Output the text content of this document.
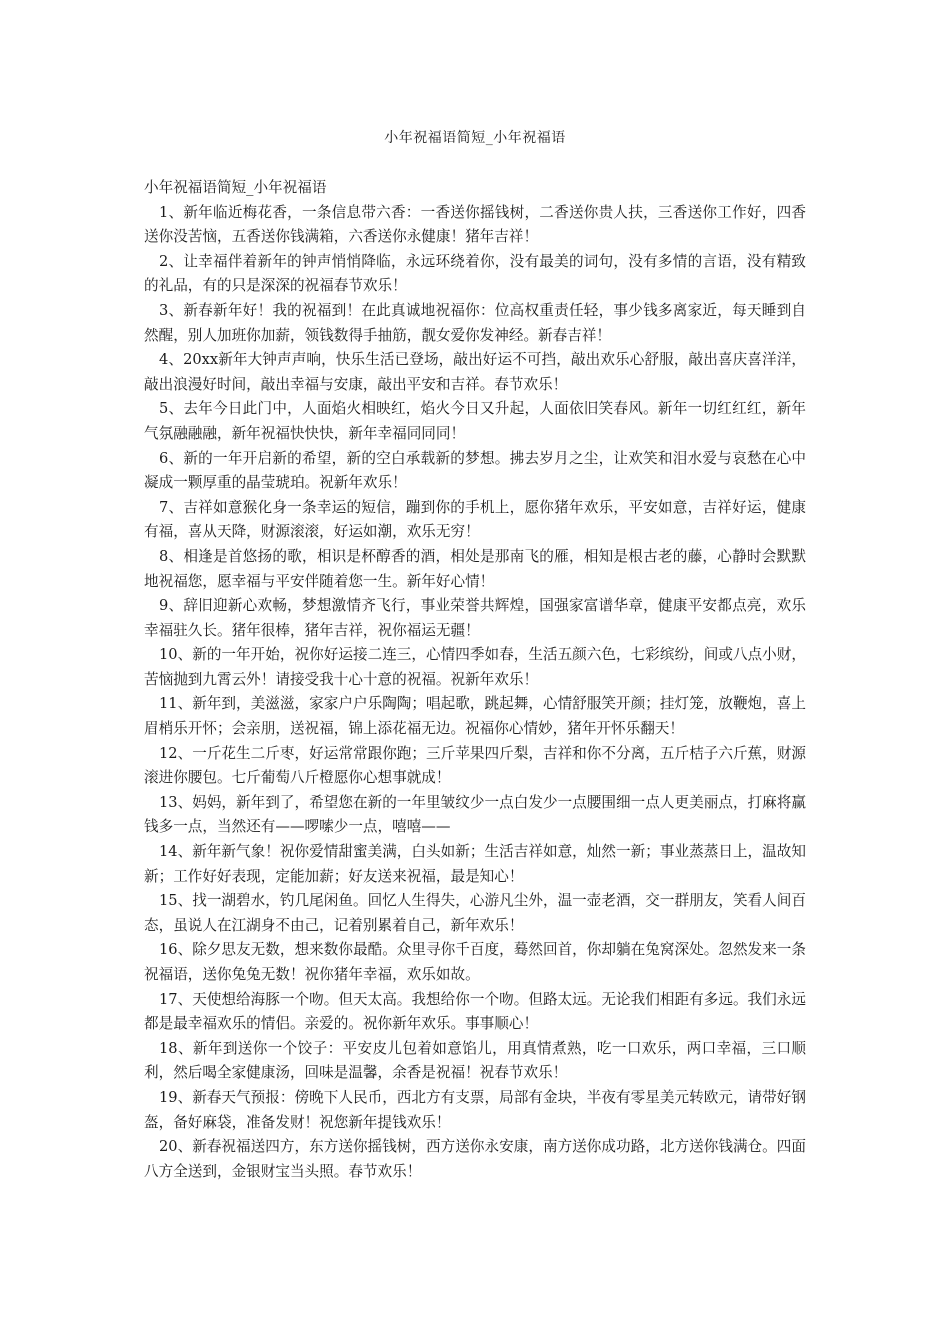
小年祝福语简短_小年祝福语

小年祝福语简短_小年祝福语

1、新年临近梅花香，一条信息带六香：一香送你摇钱树，二香送你贵人扶，三香送你工作好，四香送你没苦恼，五香送你钱满箱，六香送你永健康！猪年吉祥！

2、让幸福伴着新年的钟声悄悄降临，永远环绕着你，没有最美的词句，没有多情的言语，没有精致的礼品，有的只是深深的祝福春节欢乐！

3、新春新年好！我的祝福到！在此真诚地祝福你：位高权重责任轻，事少钱多离家近，每天睡到自然醒，别人加班你加薪，领钱数得手抽筋，靓女爱你发神经。新春吉祥！

4、20xx新年大钟声声响，快乐生活已登场，敲出好运不可挡，敲出欢乐心舒服，敲出喜庆喜洋洋，敲出浪漫好时间，敲出幸福与安康，敲出平安和吉祥。春节欢乐！

5、去年今日此门中，人面焰火相映红，焰火今日又升起，人面依旧笑春风。新年一切红红红，新年气氛融融融，新年祝福快快快，新年幸福同同同！

6、新的一年开启新的希望，新的空白承载新的梦想。拂去岁月之尘，让欢笑和泪水爱与哀愁在心中凝成一颗厚重的晶莹琥珀。祝新年欢乐！

7、吉祥如意猴化身一条幸运的短信，蹦到你的手机上，愿你猪年欢乐，平安如意，吉祥好运，健康有福，喜从天降，财源滚滚，好运如潮，欢乐无穷！

8、相逢是首悠扬的歌，相识是杯醇香的酒，相处是那南飞的雁，相知是根古老的藤，心静时会默默地祝福您，愿幸福与平安伴随着您一生。新年好心情！

9、辞旧迎新心欢畅，梦想激情齐飞行，事业荣誉共辉煌，国强家富谱华章，健康平安都点亮，欢乐幸福驻久长。猪年很棒，猪年吉祥，祝你福运无疆！

10、新的一年开始，祝你好运接二连三，心情四季如春，生活五颜六色，七彩缤纷，间或八点小财，苦恼抛到九霄云外！请接受我十心十意的祝福。祝新年欢乐！

11、新年到，美滋滋，家家户户乐陶陶；唱起歌，跳起舞，心情舒服笑开颜；挂灯笼，放鞭炮，喜上眉梢乐开怀；会亲朋，送祝福，锦上添花福无边。祝福你心情妙，猪年开怀乐翻天！

12、一斤花生二斤枣，好运常常跟你跑；三斤苹果四斤梨，吉祥和你不分离，五斤桔子六斤蕉，财源滚进你腰包。七斤葡萄八斤橙愿你心想事就成！

13、妈妈，新年到了，希望您在新的一年里皱纹少一点白发少一点腰围细一点人更美丽点，打麻将赢钱多一点，当然还有——啰嗦少一点，嘻嘻——

14、新年新气象！祝你爱情甜蜜美满，白头如新；生活吉祥如意，灿然一新；事业蒸蒸日上，温故知新；工作好好表现，定能加薪；好友送来祝福，最是知心！

15、找一湖碧水，钓几尾闲鱼。回忆人生得失，心游凡尘外，温一壶老酒，交一群朋友，笑看人间百态，虽说人在江湖身不由己，记着别累着自己，新年欢乐！

16、除夕思友无数，想来数你最酷。众里寻你千百度，蓦然回首，你却躺在兔窝深处。忽然发来一条祝福语，送你兔兔无数！祝你猪年幸福，欢乐如故。

17、天使想给海豚一个吻。但天太高。我想给你一个吻。但路太远。无论我们相距有多远。我们永远都是最幸福欢乐的情侣。亲爱的。祝你新年欢乐。事事顺心！

18、新年到送你一个饺子：平安皮儿包着如意馅儿，用真情煮熟，吃一口欢乐，两口幸福，三口顺利，然后喝全家健康汤，回味是温馨，余香是祝福！祝春节欢乐！

19、新春天气预报：傍晚下人民币，西北方有支票，局部有金块，半夜有零星美元转欧元，请带好钢盔，备好麻袋，准备发财！祝您新年提钱欢乐！

20、新春祝福送四方，东方送你摇钱树，西方送你永安康，南方送你成功路，北方送你钱满仓。四面八方全送到，金银财宝当头照。春节欢乐！
